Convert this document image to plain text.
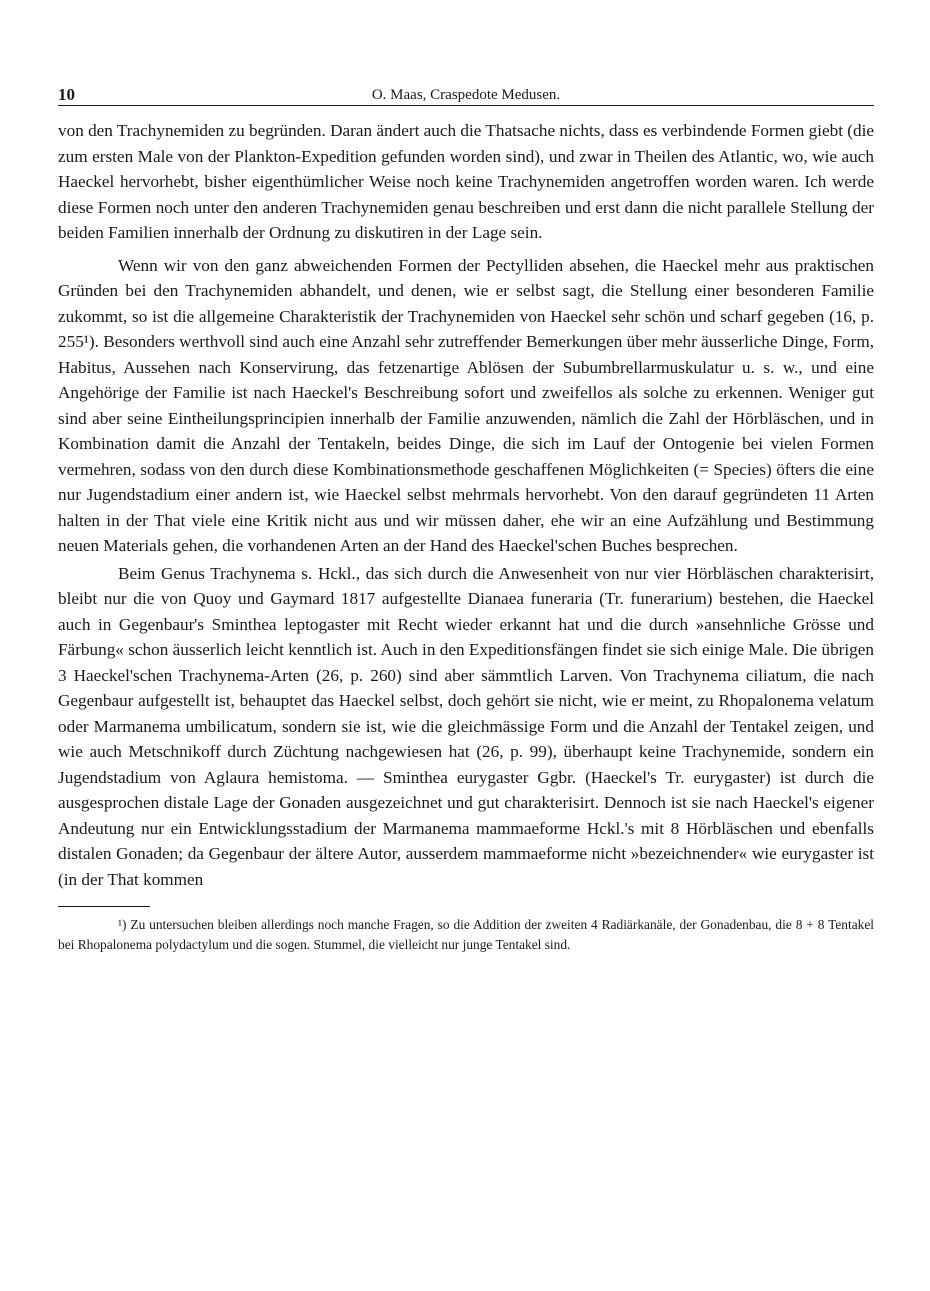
O. Maas, Craspedote Medusen.
10

von den Trachynemiden zu begründen. Daran ändert auch die Thatsache nichts, dass es verbindende Formen giebt (die zum ersten Male von der Plankton-Expedition gefunden worden sind), und zwar in Theilen des Atlantic, wo, wie auch Haeckel hervorhebt, bisher eigenthümlicher Weise noch keine Trachynemiden angetroffen worden waren. Ich werde diese Formen noch unter den anderen Trachynemiden genau beschreiben und erst dann die nicht parallele Stellung der beiden Familien innerhalb der Ordnung zu diskutiren in der Lage sein.

Wenn wir von den ganz abweichenden Formen der Pectylliden absehen, die Haeckel mehr aus praktischen Gründen bei den Trachynemiden abhandelt, und denen, wie er selbst sagt, die Stellung einer besonderen Familie zukommt, so ist die allgemeine Charakteristik der Trachynemiden von Haeckel sehr schön und scharf gegeben (16, p. 255¹). Besonders werthvoll sind auch eine Anzahl sehr zutreffender Bemerkungen über mehr äusserliche Dinge, Form, Habitus, Aussehen nach Konservirung, das fetzenartige Ablösen der Subumbrellarmuskulatur u. s. w., und eine Angehörige der Familie ist nach Haeckel's Beschreibung sofort und zweifellos als solche zu erkennen. Weniger gut sind aber seine Eintheilungsprincipien innerhalb der Familie anzuwenden, nämlich die Zahl der Hörbläschen, und in Kombination damit die Anzahl der Tentakeln, beides Dinge, die sich im Lauf der Ontogenie bei vielen Formen vermehren, sodass von den durch diese Kombinationsmethode geschaffenen Möglichkeiten (= Species) öfters die eine nur Jugendstadium einer andern ist, wie Haeckel selbst mehrmals hervorhebt. Von den darauf gegründeten 11 Arten halten in der That viele eine Kritik nicht aus und wir müssen daher, ehe wir an eine Aufzählung und Bestimmung neuen Materials gehen, die vorhandenen Arten an der Hand des Haeckel'schen Buches besprechen.

Beim Genus Trachynema s. Hckl., das sich durch die Anwesenheit von nur vier Hörbläschen charakterisirt, bleibt nur die von Quoy und Gaymard 1817 aufgestellte Dianaea funeraria (Tr. funerarium) bestehen, die Haeckel auch in Gegenbaur's Sminthea leptogaster mit Recht wieder erkannt hat und die durch »ansehnliche Grösse und Färbung« schon äusserlich leicht kenntlich ist. Auch in den Expeditionsfängen findet sie sich einige Male. Die übrigen 3 Haeckel'schen Trachynema-Arten (26, p. 260) sind aber sämmtlich Larven. Von Trachynema ciliatum, die nach Gegenbaur aufgestellt ist, behauptet das Haeckel selbst, doch gehört sie nicht, wie er meint, zu Rhopalonema velatum oder Marmanema umbilicatum, sondern sie ist, wie die gleichmässige Form und die Anzahl der Tentakel zeigen, und wie auch Metschnikoff durch Züchtung nachgewiesen hat (26, p. 99), überhaupt keine Trachynemide, sondern ein Jugendstadium von Aglaura hemistoma. — Sminthea eurygaster Ggbr. (Haeckel's Tr. eurygaster) ist durch die ausgesprochen distale Lage der Gonaden ausgezeichnet und gut charakterisirt. Dennoch ist sie nach Haeckel's eigener Andeutung nur ein Entwicklungsstadium der Marmanema mammaeforme Hckl.'s mit 8 Hörbläschen und ebenfalls distalen Gonaden; da Gegenbaur der ältere Autor, ausserdem mammaeforme nicht »bezeichnender« wie eurygaster ist (in der That kommen

¹) Zu untersuchen bleiben allerdings noch manche Fragen, so die Addition der zweiten 4 Radiärkanäle, der Gonadenbau, die 8 + 8 Tentakel bei Rhopalonema polydactylum und die sogen. Stummel, die vielleicht nur junge Tentakel sind.
